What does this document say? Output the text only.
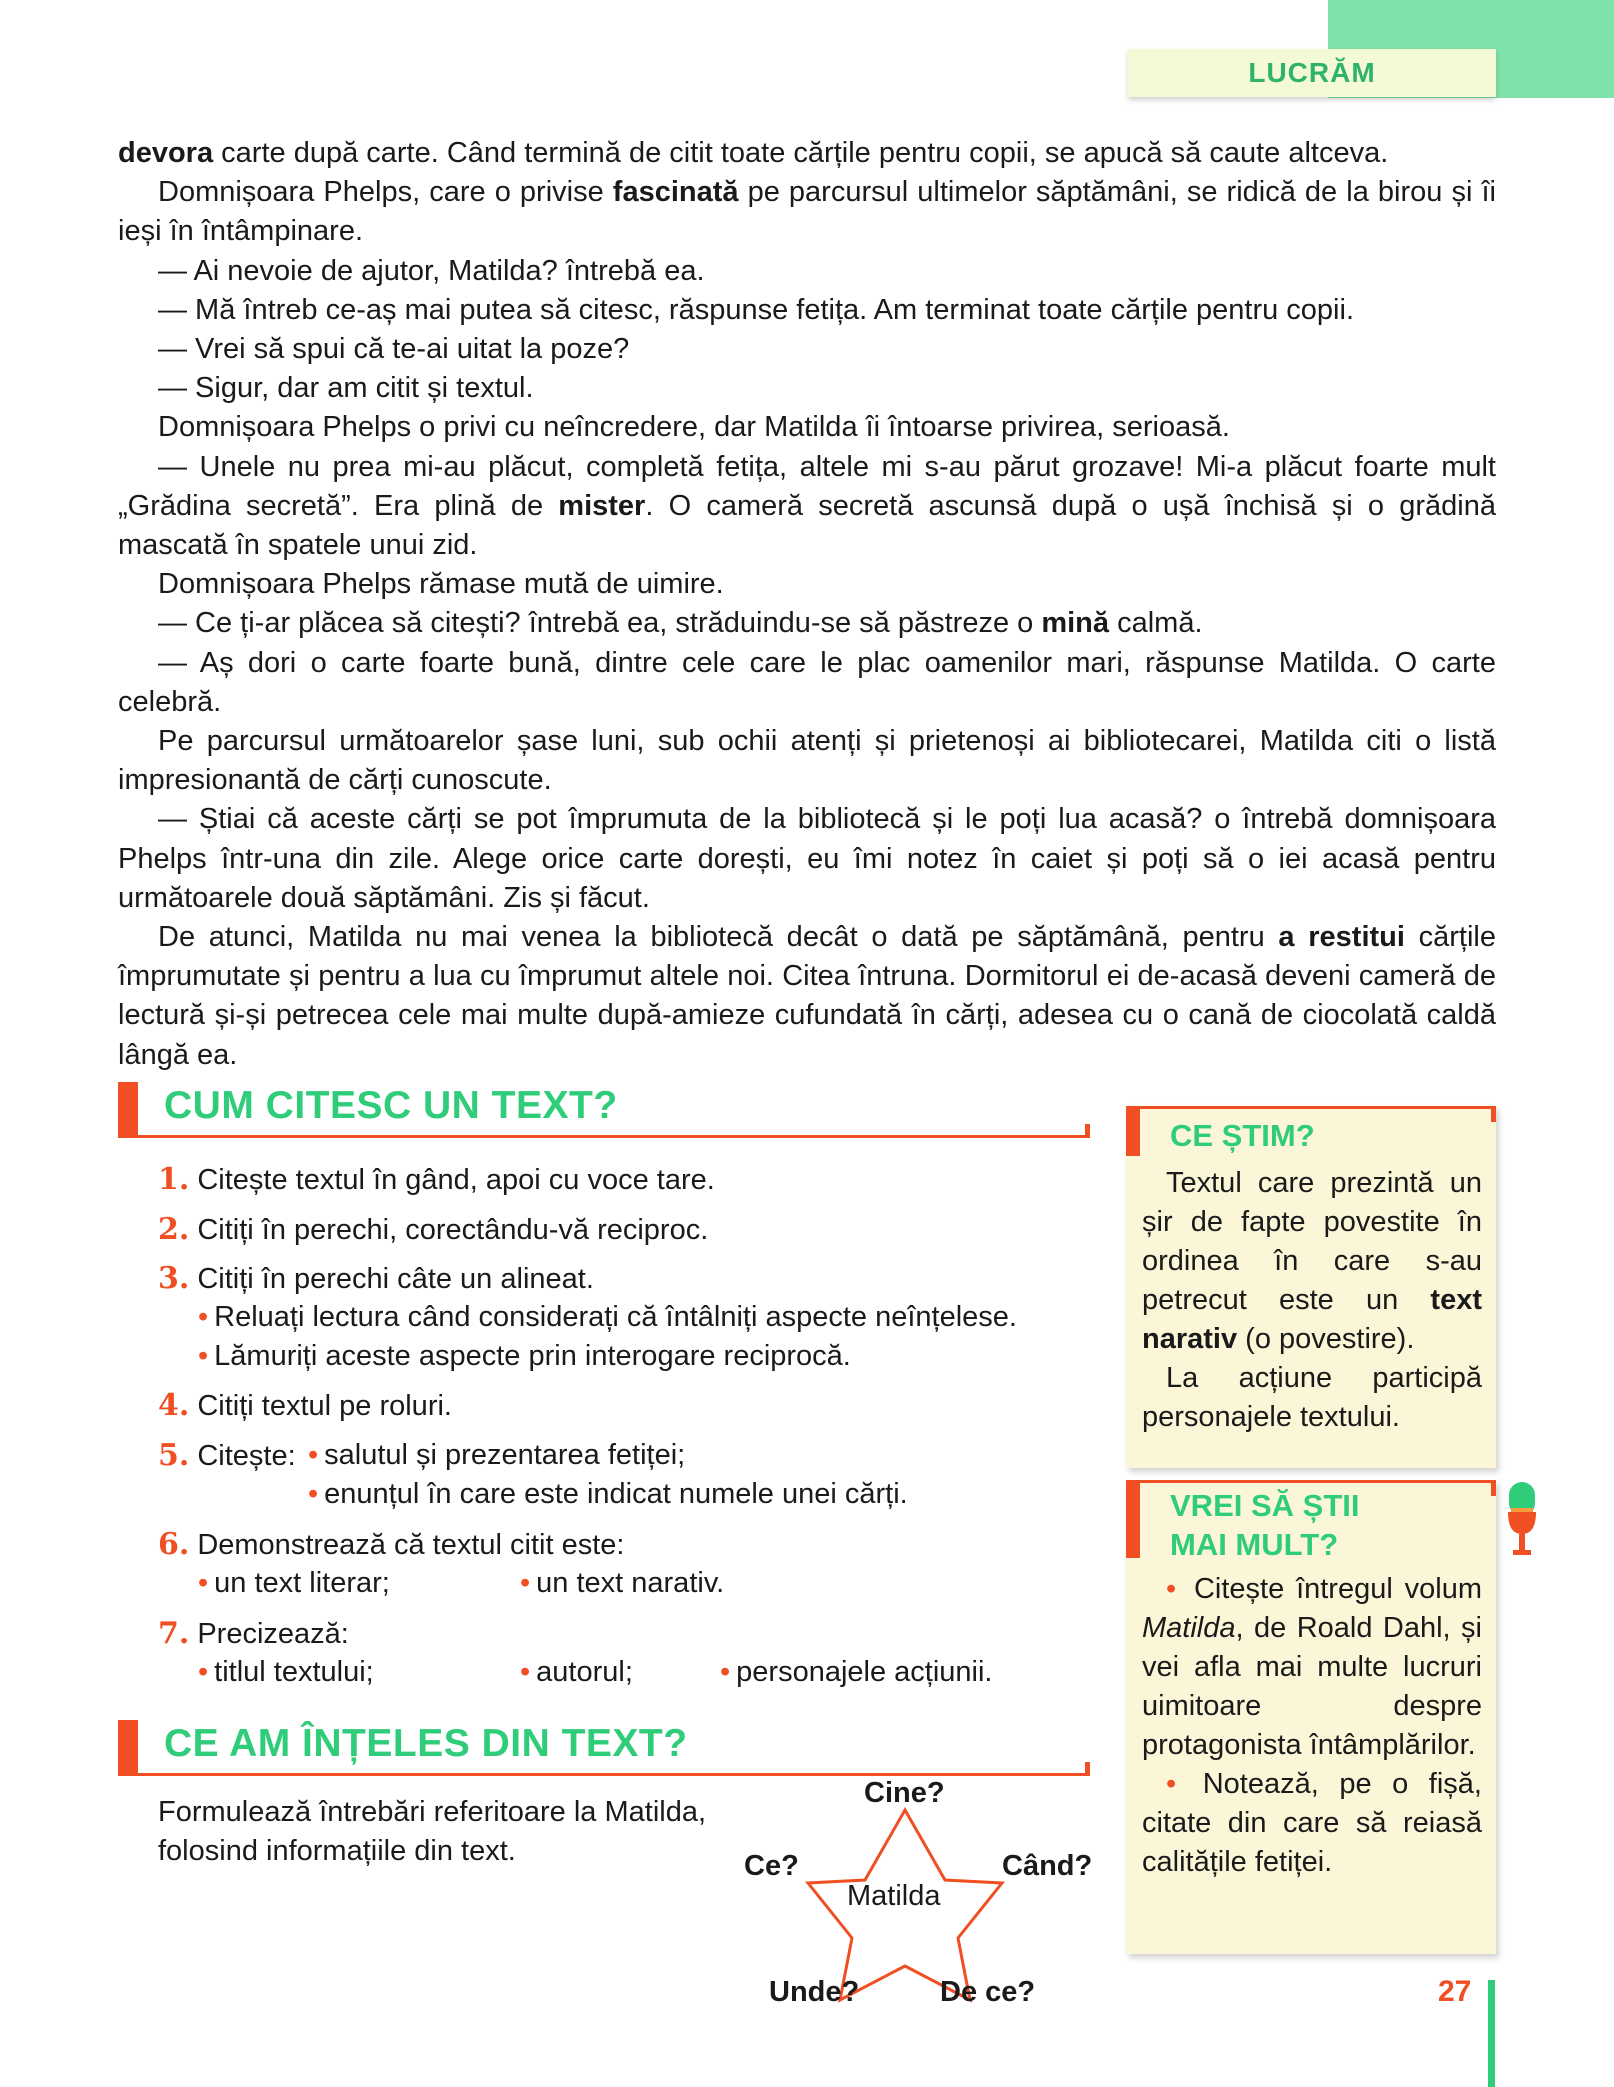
LUCRĂM

devora carte după carte. Când termină de citit toate cărțile pentru copii, se apucă să caute altceva.

Domnișoara Phelps, care o privise fascinată pe parcursul ultimelor săptămâni, se ridică de la birou și îi ieși în întâmpinare.

— Ai nevoie de ajutor, Matilda? întrebă ea.

— Mă întreb ce-aș mai putea să citesc, răspunse fetița. Am terminat toate cărțile pentru copii.

— Vrei să spui că te-ai uitat la poze?

— Sigur, dar am citit și textul.

Domnișoara Phelps o privi cu neîncredere, dar Matilda îi întoarse privirea, serioasă.

— Unele nu prea mi-au plăcut, completă fetița, altele mi s-au părut grozave! Mi-a plăcut foarte mult „Grădina secretă”. Era plină de mister. O cameră secretă ascunsă după o ușă închisă și o grădină mascată în spatele unui zid.

Domnișoara Phelps rămase mută de uimire.

— Ce ți-ar plăcea să citești? întrebă ea, străduindu-se să păstreze o mină calmă.

— Aș dori o carte foarte bună, dintre cele care le plac oamenilor mari, răspunse Matilda. O carte celebră.

Pe parcursul următoarelor șase luni, sub ochii atenți și prietenoși ai bibliotecarei, Matilda citi o listă impresionantă de cărți cunoscute.

— Știai că aceste cărți se pot împrumuta de la bibliotecă și le poți lua acasă? o întrebă domnișoara Phelps într-una din zile. Alege orice carte dorești, eu îmi notez în caiet și poți să o iei acasă pentru următoarele două săptămâni. Zis și făcut.

De atunci, Matilda nu mai venea la bibliotecă decât o dată pe săptămână, pentru a restitui cărțile împrumutate și pentru a lua cu împrumut altele noi. Citea întruna. Dormitorul ei de-acasă deveni cameră de lectură și-și petrecea cele mai multe după-amieze cufundată în cărți, adesea cu o cană de ciocolată caldă lângă ea.

CUM CITESC UN TEXT?
1. Citește textul în gând, apoi cu voce tare.
2. Citiți în perechi, corectându-vă reciproc.
3. Citiți în perechi câte un alineat.
• Reluați lectura când considerați că întâlniți aspecte neînțelese.
• Lămuriți aceste aspecte prin interogare reciprocă.
4. Citiți textul pe roluri.
5. Citește: • salutul și prezentarea fetiței;
• enunțul în care este indicat numele unei cărți.
6. Demonstrează că textul citit este:
• un text literar;	• un text narativ.
7. Precizează:
• titlul textului;	• autorul;	• personajele acțiunii.
CE AM ÎNȚELES DIN TEXT?
Formulează întrebări referitoare la Matilda, folosind informațiile din text.
Cine?
Ce?	Când?
Unde?	De ce?
Matilda
CE ȘTIM?

Textul care prezintă un șir de fapte povestite în ordinea în care s-au petrecut este un text narativ (o povestire).

La acțiune participă personajele textului.

VREI SĂ ȘTII
MAI MULT?

• Citește întregul volum Matilda, de Roald Dahl, și vei afla mai multe lucruri uimitoare despre protagonista întâmplărilor.

• Notează, pe o fișă, citate din care să reiasă calitățile fetiței.

27
